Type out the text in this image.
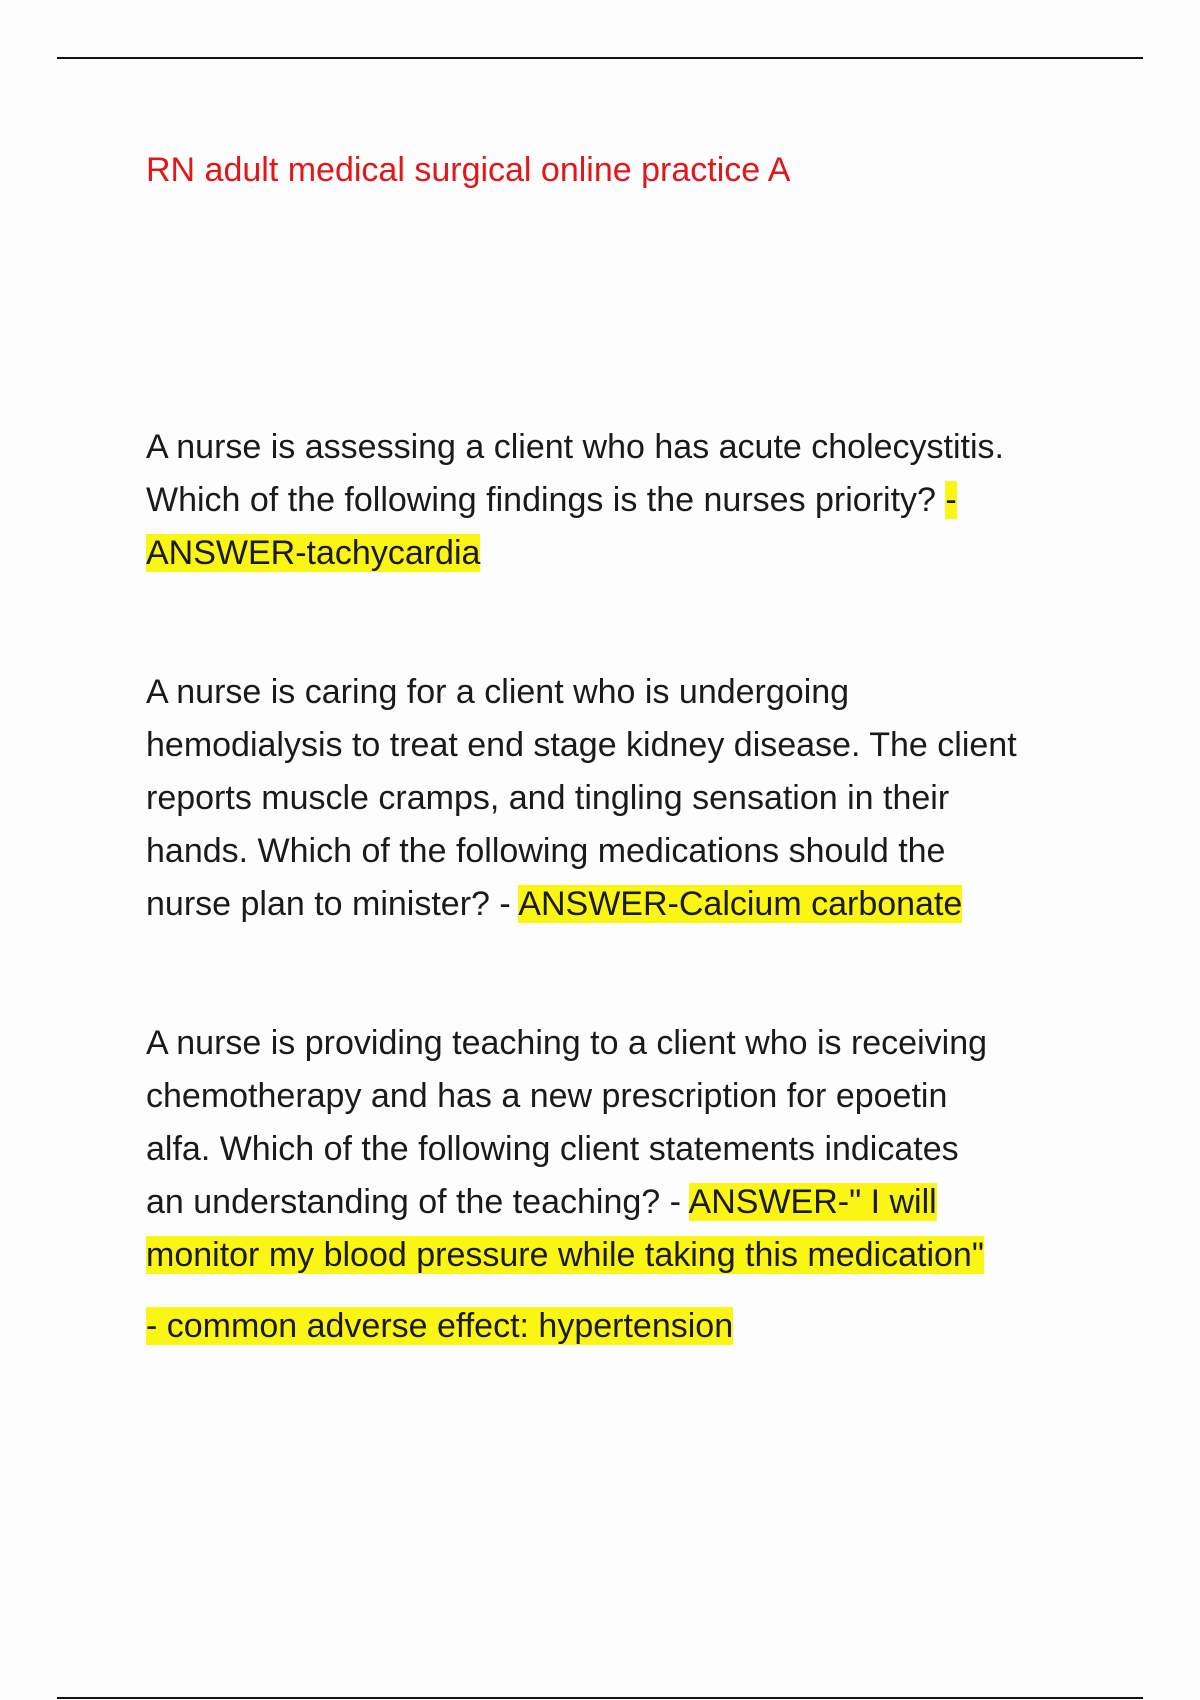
RN adult medical surgical online practice A
A nurse is assessing a client who has acute cholecystitis.
Which of the following findings is the nurses priority? -
ANSWER-tachycardia
A nurse is caring for a client who is undergoing
hemodialysis to treat end stage kidney disease. The client
reports muscle cramps, and tingling sensation in their
hands. Which of the following medications should the
nurse plan to minister? - ANSWER-Calcium carbonate
A nurse is providing teaching to a client who is receiving
chemotherapy and has a new prescription for epoetin
alfa. Which of the following client statements indicates
an understanding of the teaching? - ANSWER-" I will
monitor my blood pressure while taking this medication"
- common adverse effect: hypertension
